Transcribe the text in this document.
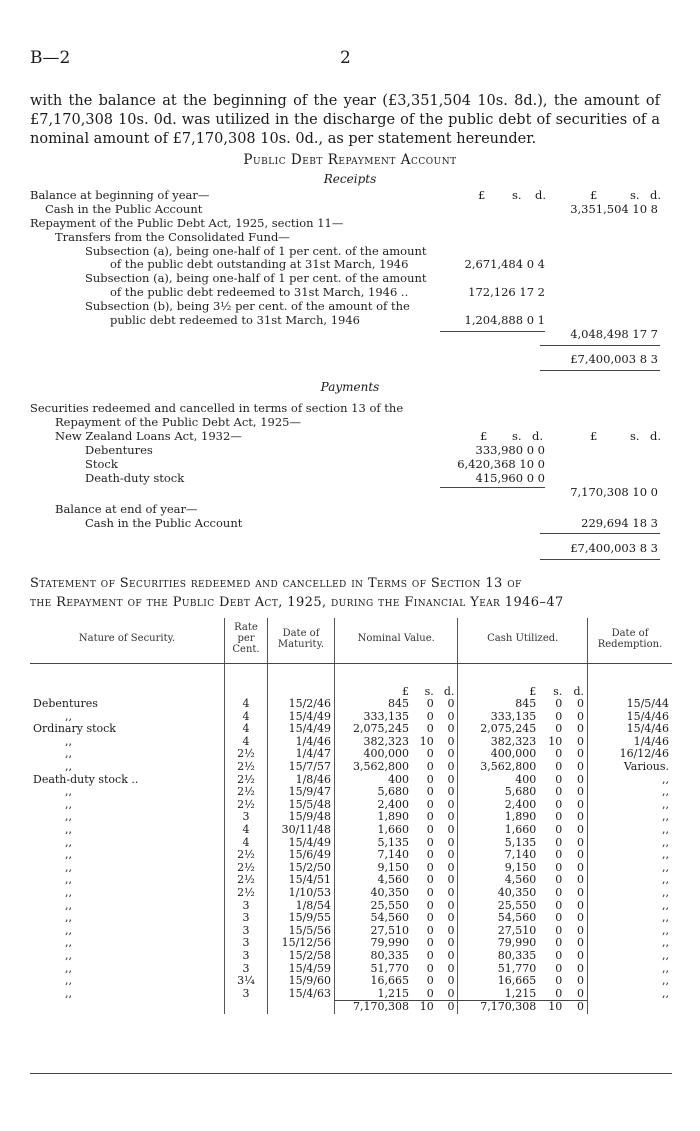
B—2	2
with the balance at the beginning of the year (£3,351,504 10s. 8d.), the amount of £7,170,308 10s. 0d. was utilized in the discharge of the public debt of securities of a nominal amount of £7,170,308 10s. 0d., as per statement hereunder.
Public Debt Repayment Account
Receipts
£ s. d.	£	s. d.
Balance at beginning of year—
Cash in the Public Account	3,351,504 10 8
Repayment of the Public Debt Act, 1925, section 11—
Transfers from the Consolidated Fund—
Subsection (a), being one-half of 1 per cent. of the amount
of the public debt outstanding at 31st March, 1946	2,671,484 0 4
Subsection (a), being one-half of 1 per cent. of the amount
of the public debt redeemed to 31st March, 1946 ..	172,126 17 2
Subsection (b), being 3½ per cent. of the amount of the
public debt redeemed to 31st March, 1946	1,204,888 0 1
4,048,498 17 7
£7,400,003 8 3
Payments
Securities redeemed and cancelled in terms of section 13 of the
Repayment of the Public Debt Act, 1925—
New Zealand Loans Act, 1932—	£ s. d.	£	s. d.
Debentures	333,980 0 0
Stock	6,420,368 10 0
Death-duty stock	415,960 0 0
7,170,308 10 0
Balance at end of year—
Cash in the Public Account	229,694 18 3
£7,400,003 8 3
Statement of Securities redeemed and cancelled in Terms of Section 13 of
the Repayment of the Public Debt Act, 1925, during the Financial Year 1946–47
Nature of Security.	Rate per Cent.	Date of Maturity.	Nominal Value.			Cash Utilized.			Date of Redemption.

			£	s.	d.	£	s.	d.	
Debentures	4	15/2/46	845	0	0	845	0	0	15/5/44
,,	4	15/4/49	333,135	0	0	333,135	0	0	15/4/46
Ordinary stock	4	15/4/49	2,075,245	0	0	2,075,245	0	0	15/4/46
,,	4	1/4/46	382,323	10	0	382,323	10	0	1/4/46
,,	2½	1/4/47	400,000	0	0	400,000	0	0	16/12/46
,,	2½	15/7/57	3,562,800	0	0	3,562,800	0	0	Various.
Death-duty stock ..	2½	1/8/46	400	0	0	400	0	0	,,
,,	2½	15/9/47	5,680	0	0	5,680	0	0	,,
,,	2½	15/5/48	2,400	0	0	2,400	0	0	,,
,,	3	15/9/48	1,890	0	0	1,890	0	0	,,
,,	4	30/11/48	1,660	0	0	1,660	0	0	,,
,,	4	15/4/49	5,135	0	0	5,135	0	0	,,
,,	2½	15/6/49	7,140	0	0	7,140	0	0	,,
,,	2½	15/2/50	9,150	0	0	9,150	0	0	,,
,,	2½	15/4/51	4,560	0	0	4,560	0	0	,,
,,	2½	1/10/53	40,350	0	0	40,350	0	0	,,
,,	3	1/8/54	25,550	0	0	25,550	0	0	,,
,,	3	15/9/55	54,560	0	0	54,560	0	0	,,
,,	3	15/5/56	27,510	0	0	27,510	0	0	,,
,,	3	15/12/56	79,990	0	0	79,990	0	0	,,
,,	3	15/2/58	80,335	0	0	80,335	0	0	,,
,,	3	15/4/59	51,770	0	0	51,770	0	0	,,
,,	3¼	15/9/60	16,665	0	0	16,665	0	0	,,
,,	3	15/4/63	1,215	0	0	1,215	0	0	,,
			7,170,308	10	0	7,170,308	10	0	
